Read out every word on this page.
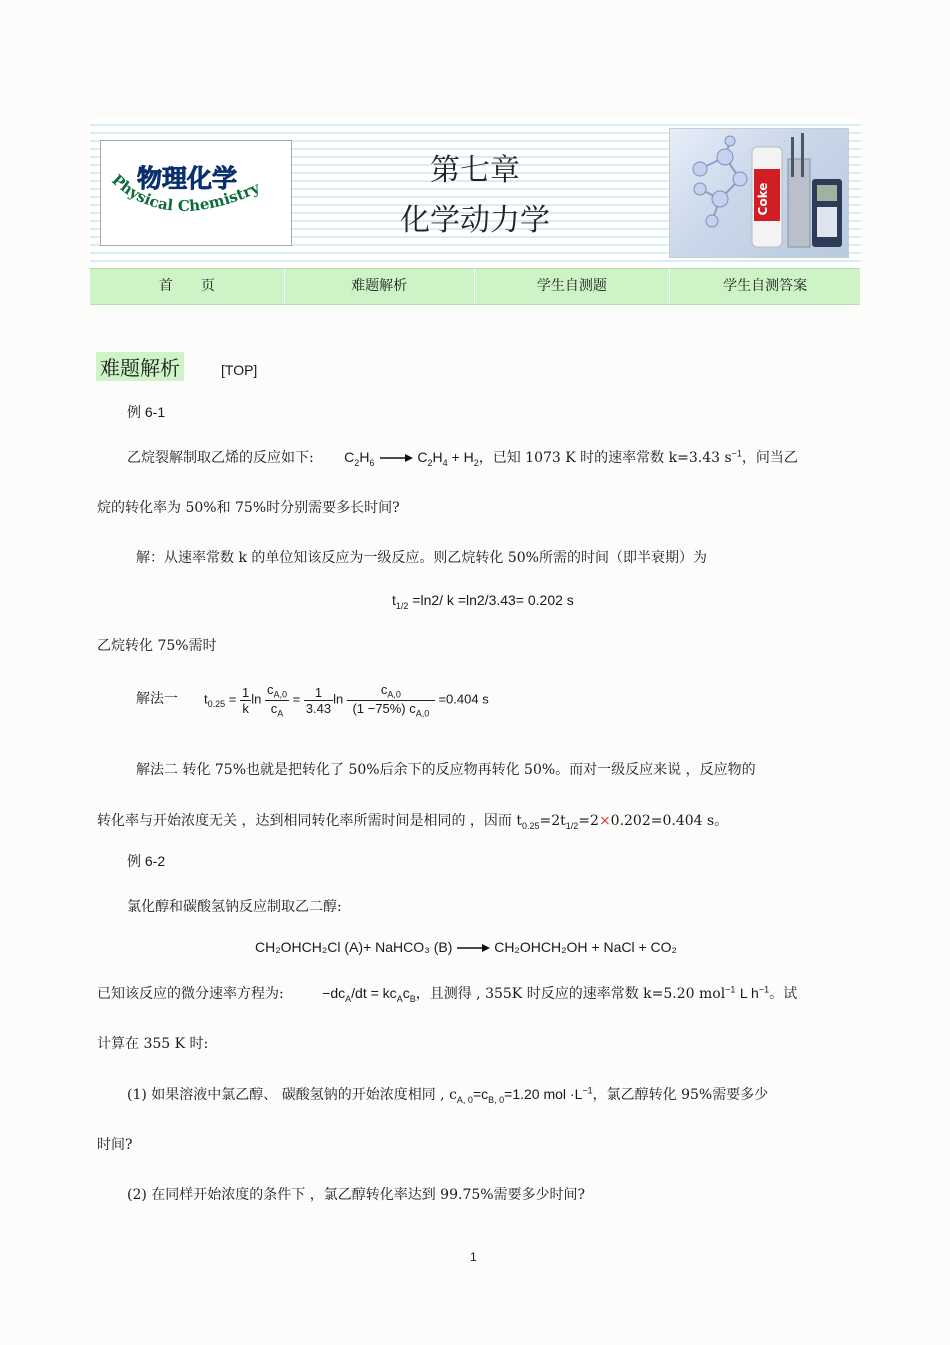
物理化学
Physical Chemistry
第七章
化学动力学
Coke
首　　页	难题解析	学生自测题	学生自测答案
难题解析	[TOP]
例 6-1
乙烷裂解制取乙烯的反应如下: $C_2H_6 \to C_2H_4 + H_2$，已知 1073 K 时的速率常数 k=3.43 $s^{-1}$，问当乙
烷的转化率为 50%和 75%时分别需要多长时间?
解：从速率常数 k 的单位知该反应为一级反应。则乙烷转化 50%所需的时间（即半衰期）为
$t_{1/2} =\ln 2/$ k =ln2/3.43= 0.202 s
乙烷转化 75%需时
解法一 $t_{0.25} = \frac{1}{k}$ $\ln \frac{c_{A,0}}{c_A} = \frac{1}{3.43}$ $\ln \frac{c_{A,0}}{(1 -75\%) c_{A,0}} =0.404$ s
解法二 转化 75%也就是把转化了 50%后余下的反应物再转化 50%。而对一级反应来说 ，反应物的
转化率与开始浓度无关 ，达到相同转化率所需时间是相同的 ，因而 $t_{0.25}=2t_{1/2}=2\times 0.202=0.404$ s。
例 6-2
氯化醇和碳酸氢钠反应制取乙二醇:
CH₂OHCH₂Cl (A)+ NaHCO₃ (B) → CH₂OHCH₂OH + NaCl + CO₂
已知该反应的微分速率方程为:	$-dc_A/dt = kc_Ac_B$，且测得 , 355K 时反应的速率常数 k=5.20 mol$^{-1}$ L $h^{-1}$。试
计算在 355 K 时:
(1) 如果溶液中氯乙醇、 碳酸氢钠的开始浓度相同 , $c_{A, 0}=c_{B, 0}=1.20$ mol $\cdot L^{-1}$，氯乙醇转化 95%需要多少
时间?
(2) 在同样开始浓度的条件下 ，氯乙醇转化率达到 99.75%需要多少时间?
1
